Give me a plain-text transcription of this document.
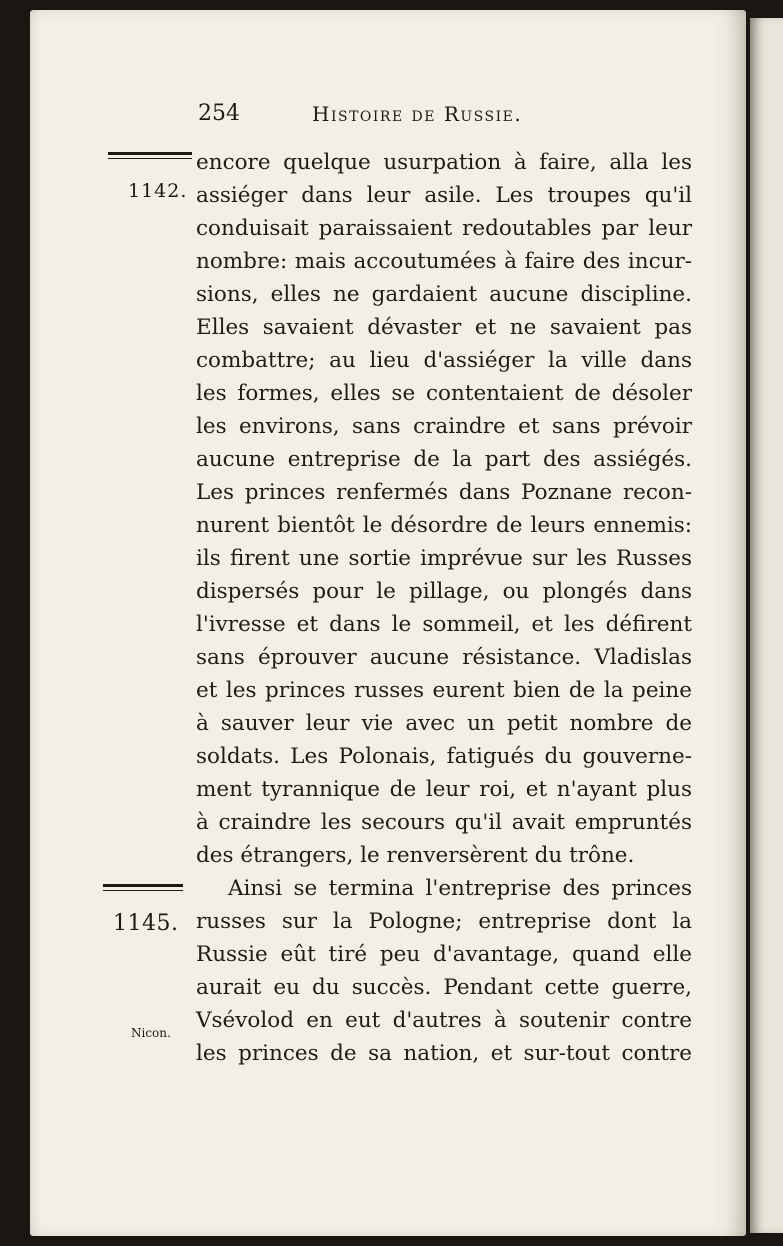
254	Histoire de Russie.
1142.
1145.
Nicon.
encore quelque usurpation à faire, alla les
assiéger dans leur asile. Les troupes qu'il
conduisait paraissaient redoutables par leur
nombre: mais accoutumées à faire des incur-
sions, elles ne gardaient aucune discipline.
Elles savaient dévaster et ne savaient pas
combattre; au lieu d'assiéger la ville dans
les formes, elles se contentaient de désoler
les environs, sans craindre et sans prévoir
aucune entreprise de la part des assiégés.
Les princes renfermés dans Poznane recon-
nurent bientôt le désordre de leurs ennemis:
ils firent une sortie imprévue sur les Russes
dispersés pour le pillage, ou plongés dans
l'ivresse et dans le sommeil, et les défirent
sans éprouver aucune résistance. Vladislas
et les princes russes eurent bien de la peine
à sauver leur vie avec un petit nombre de
soldats. Les Polonais, fatigués du gouverne-
ment tyrannique de leur roi, et n'ayant plus
à craindre les secours qu'il avait empruntés
des étrangers, le renversèrent du trône.
Ainsi se termina l'entreprise des princes
russes sur la Pologne; entreprise dont la
Russie eût tiré peu d'avantage, quand elle
aurait eu du succès. Pendant cette guerre,
Vsévolod en eut d'autres à soutenir contre
les princes de sa nation, et sur-tout contre
